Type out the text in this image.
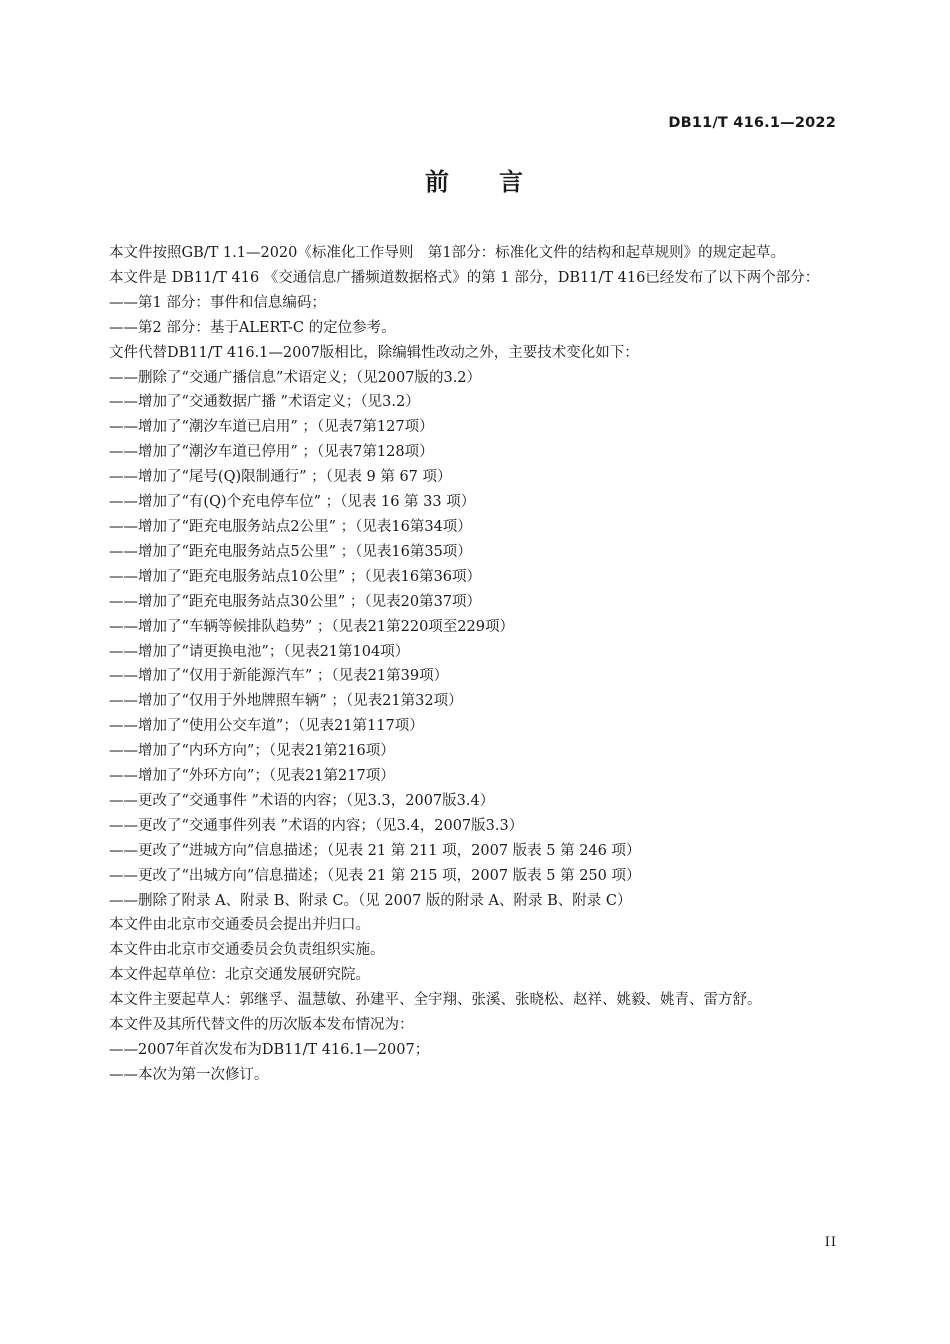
DB11/T 416.1—2022
前 言

本文件按照GB/T 1.1—2020《标准化工作导则　第1部分：标准化文件的结构和起草规则》的规定起草。

本文件是 DB11/T 416 《交通信息广播频道数据格式》的第 1 部分，DB11/T 416已经发布了以下两个部分：

——第1 部分：事件和信息编码；

——第2 部分：基于ALERT-C 的定位参考。

文件代替DB11/T 416.1—2007版相比，除编辑性改动之外，主要技术变化如下：

——删除了“交通广播信息”术语定义；（见2007版的3.2）

——增加了“交通数据广播 ”术语定义；（见3.2）

——增加了“潮汐车道已启用” ；（见表7第127项）

——增加了“潮汐车道已停用” ；（见表7第128项）

——增加了“尾号(Q)限制通行” ；（见表 9 第 67 项）

——增加了“有(Q)个充电停车位” ；（见表 16 第 33 项）

——增加了“距充电服务站点2公里” ；（见表16第34项）

——增加了“距充电服务站点5公里” ；（见表16第35项）

——增加了“距充电服务站点10公里” ；（见表16第36项）

——增加了“距充电服务站点30公里” ；（见表20第37项）

——增加了“车辆等候排队趋势” ；（见表21第220项至229项）

——增加了“请更换电池”；（见表21第104项）

——增加了“仅用于新能源汽车” ；（见表21第39项）

——增加了“仅用于外地牌照车辆” ；（见表21第32项）

——增加了“使用公交车道”；（见表21第117项）

——增加了“内环方向”；（见表21第216项）

——增加了“外环方向”；（见表21第217项）

——更改了“交通事件 ”术语的内容；（见3.3，2007版3.4）

——更改了“交通事件列表 ”术语的内容；（见3.4，2007版3.3）

——更改了“进城方向”信息描述；（见表 21 第 211 项，2007 版表 5 第 246 项）

——更改了“出城方向”信息描述；（见表 21 第 215 项，2007 版表 5 第 250 项）

——删除了附录 A、附录 B、附录 C。（见 2007 版的附录 A、附录 B、附录 C）

本文件由北京市交通委员会提出并归口。

本文件由北京市交通委员会负责组织实施。

本文件起草单位：北京交通发展研究院。

本文件主要起草人：郭继孚、温慧敏、孙建平、全宇翔、张溪、张晓松、赵祥、姚毅、姚青、雷方舒。

本文件及其所代替文件的历次版本发布情况为：

——2007年首次发布为DB11/T 416.1—2007；

——本次为第一次修订。

II
